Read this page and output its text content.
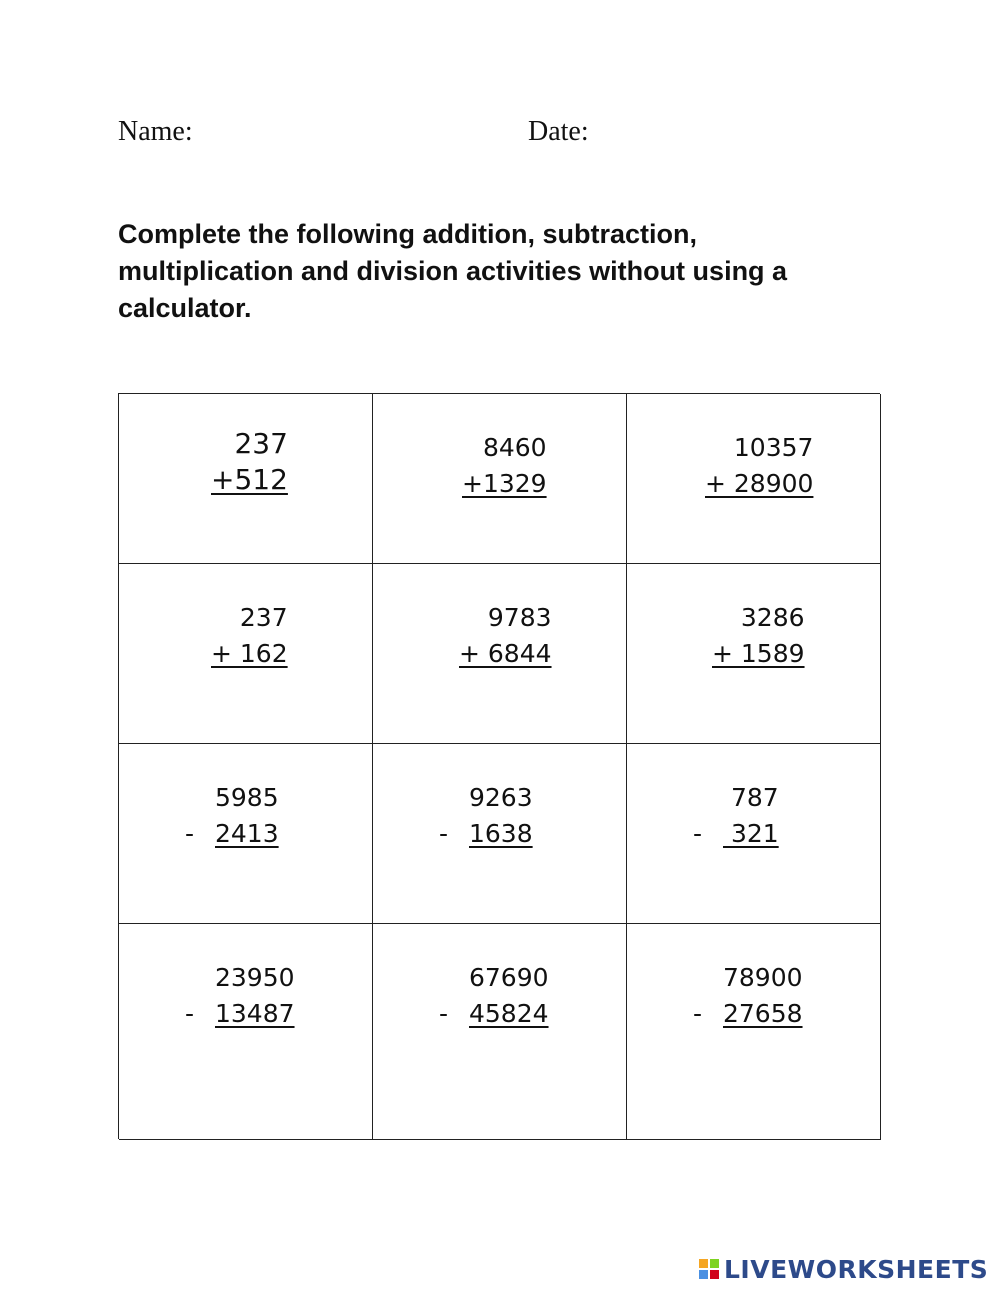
Name:	Date:

Complete the following addition, subtraction, multiplication and division activities without using a calculator.

237
+512
8460
+1329
10357
+ 28900
237
+ 162
9783
+ 6844
3286
+ 1589
5985
- 2413
9263
- 1638
787
- 321
23950
- 13487
67690
- 45824
78900
- 27658
LIVEWORKSHEETS
